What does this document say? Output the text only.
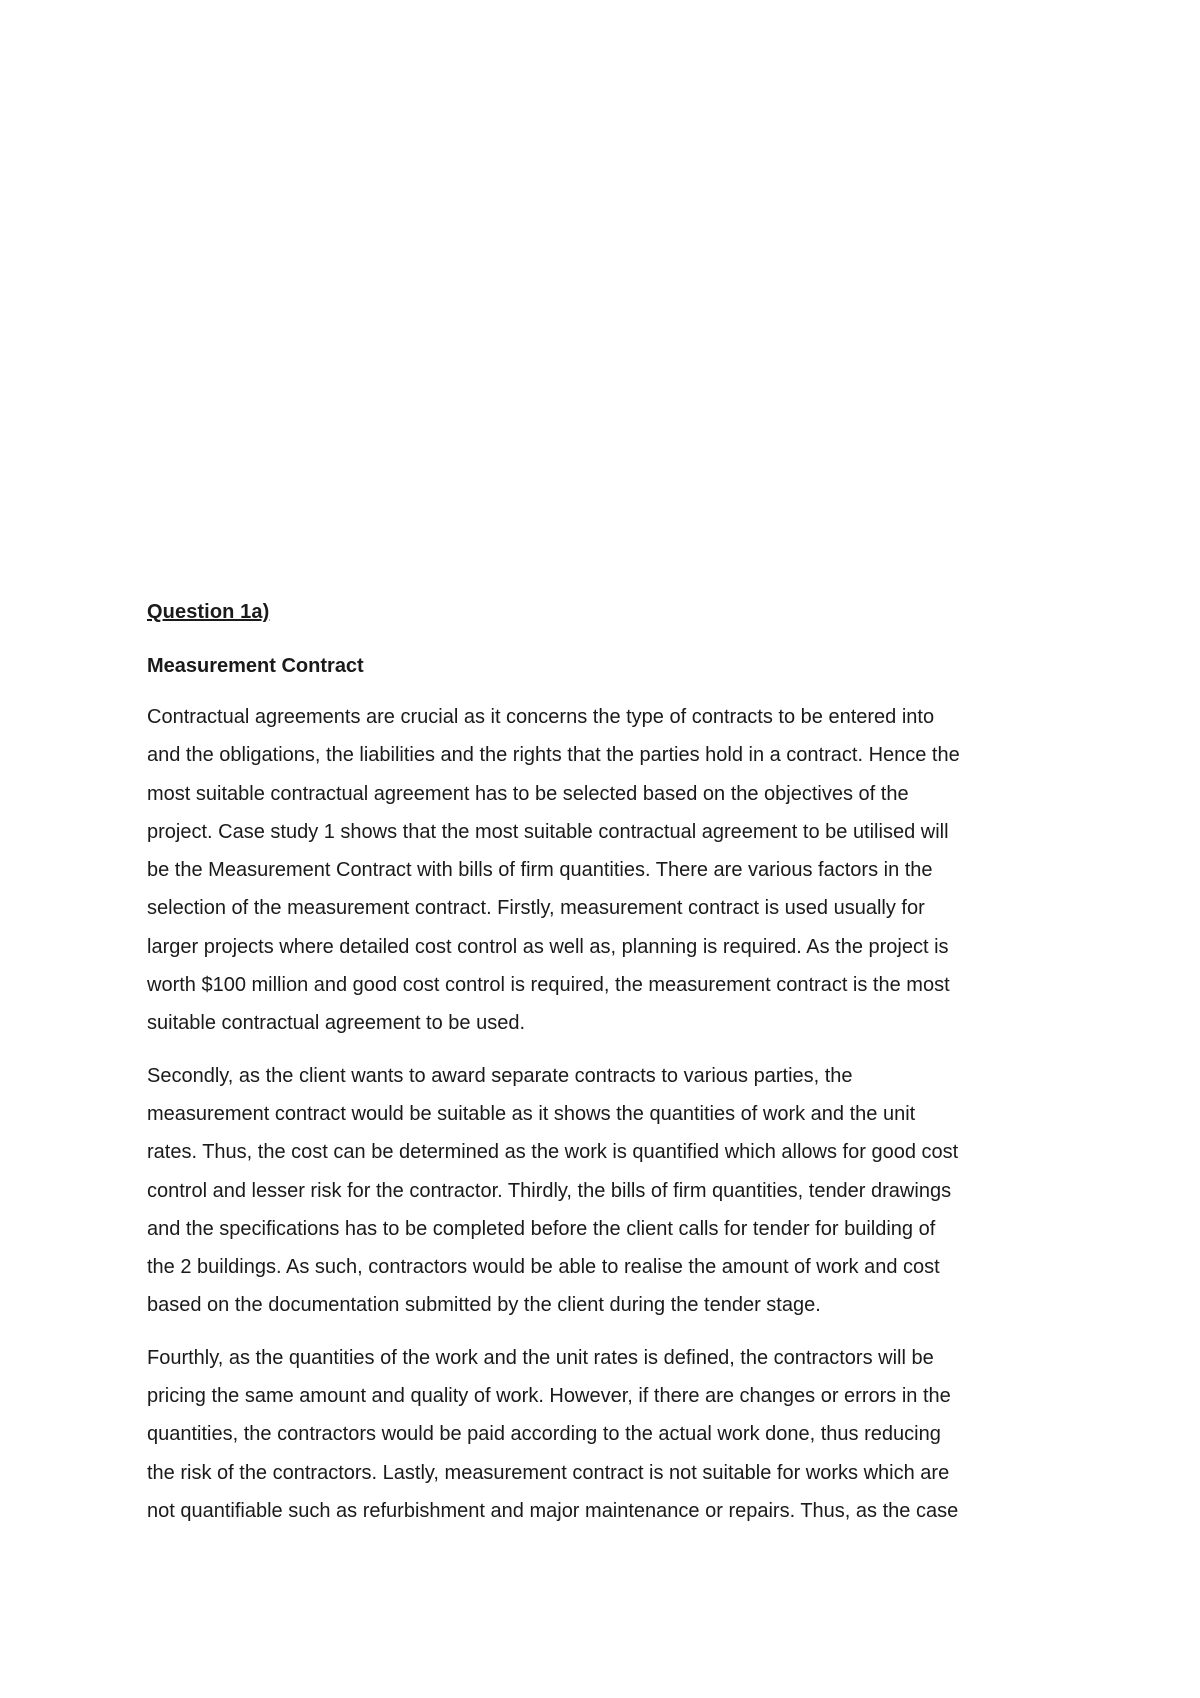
Question 1a)
Measurement Contract

Contractual agreements are crucial as it concerns the type of contracts to be entered into
and the obligations, the liabilities and the rights that the parties hold in a contract. Hence the
most suitable contractual agreement has to be selected based on the objectives of the
project. Case study 1 shows that the most suitable contractual agreement to be utilised will
be the Measurement Contract with bills of firm quantities. There are various factors in the
selection of the measurement contract. Firstly, measurement contract is used usually for
larger projects where detailed cost control as well as, planning is required. As the project is
worth $100 million and good cost control is required, the measurement contract is the most
suitable contractual agreement to be used.

Secondly, as the client wants to award separate contracts to various parties, the
measurement contract would be suitable as it shows the quantities of work and the unit
rates. Thus, the cost can be determined as the work is quantified which allows for good cost
control and lesser risk for the contractor. Thirdly, the bills of firm quantities, tender drawings
and the specifications has to be completed before the client calls for tender for building of
the 2 buildings. As such, contractors would be able to realise the amount of work and cost
based on the documentation submitted by the client during the tender stage.

Fourthly, as the quantities of the work and the unit rates is defined, the contractors will be
pricing the same amount and quality of work. However, if there are changes or errors in the
quantities, the contractors would be paid according to the actual work done, thus reducing
the risk of the contractors. Lastly, measurement contract is not suitable for works which are
not quantifiable such as refurbishment and major maintenance or repairs. Thus, as the case
